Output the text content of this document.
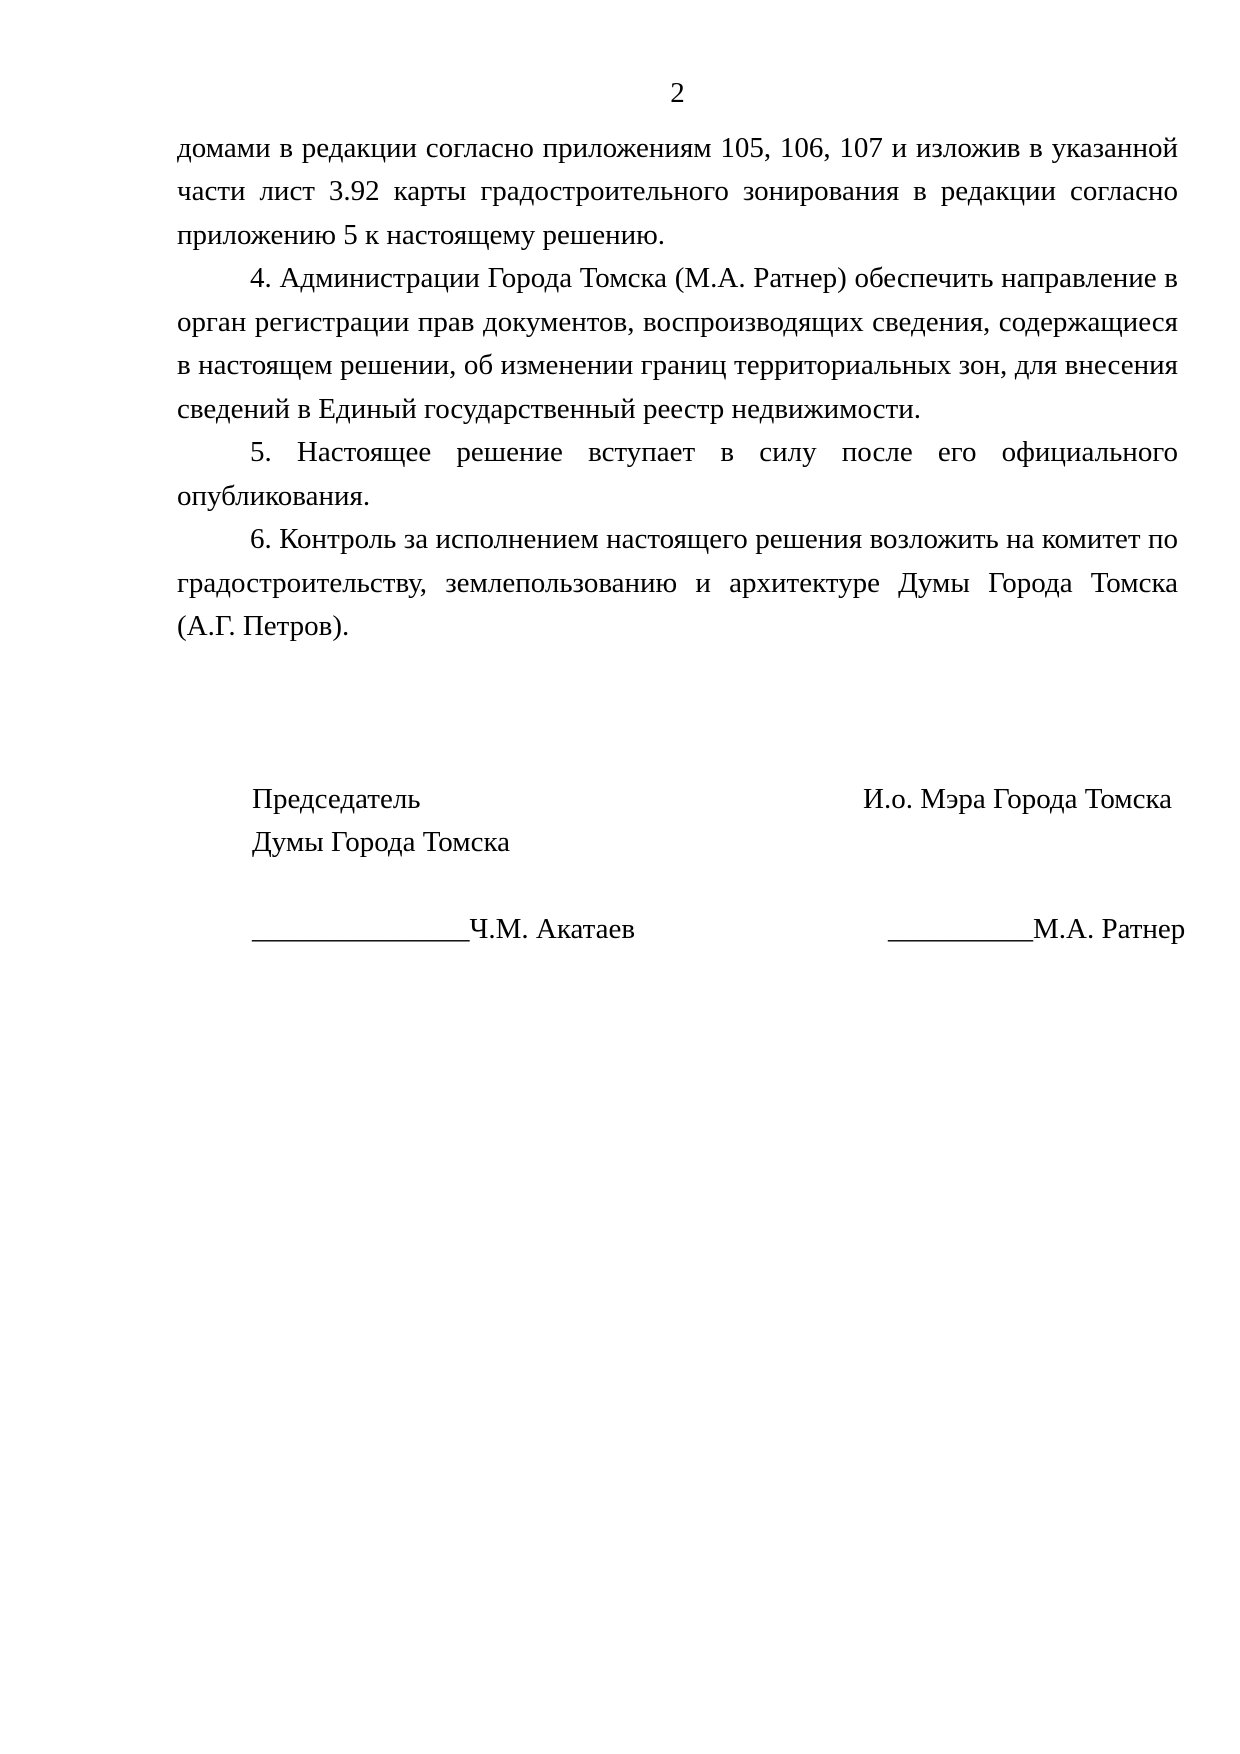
2

домами в редакции согласно приложениям 105, 106, 107 и изложив в указанной части лист 3.92 карты градостроительного зонирования в редакции согласно приложению 5 к настоящему решению.

4. Администрации Города Томска (М.А. Ратнер) обеспечить направление в орган регистрации прав документов, воспроизводящих сведения, содержащиеся в настоящем решении, об изменении границ территориальных зон, для внесения сведений в Единый государственный реестр недвижимости.

5. Настоящее решение вступает в силу после его официального опубликования.

6. Контроль за исполнением настоящего решения возложить на комитет по градостроительству, землепользованию и архитектуре Думы Города Томска (А.Г. Петров).

Председатель
Думы Города Томска
И.о. Мэра Города Томска
_______________Ч.М. Акатаев	__________М.А. Ратнер
